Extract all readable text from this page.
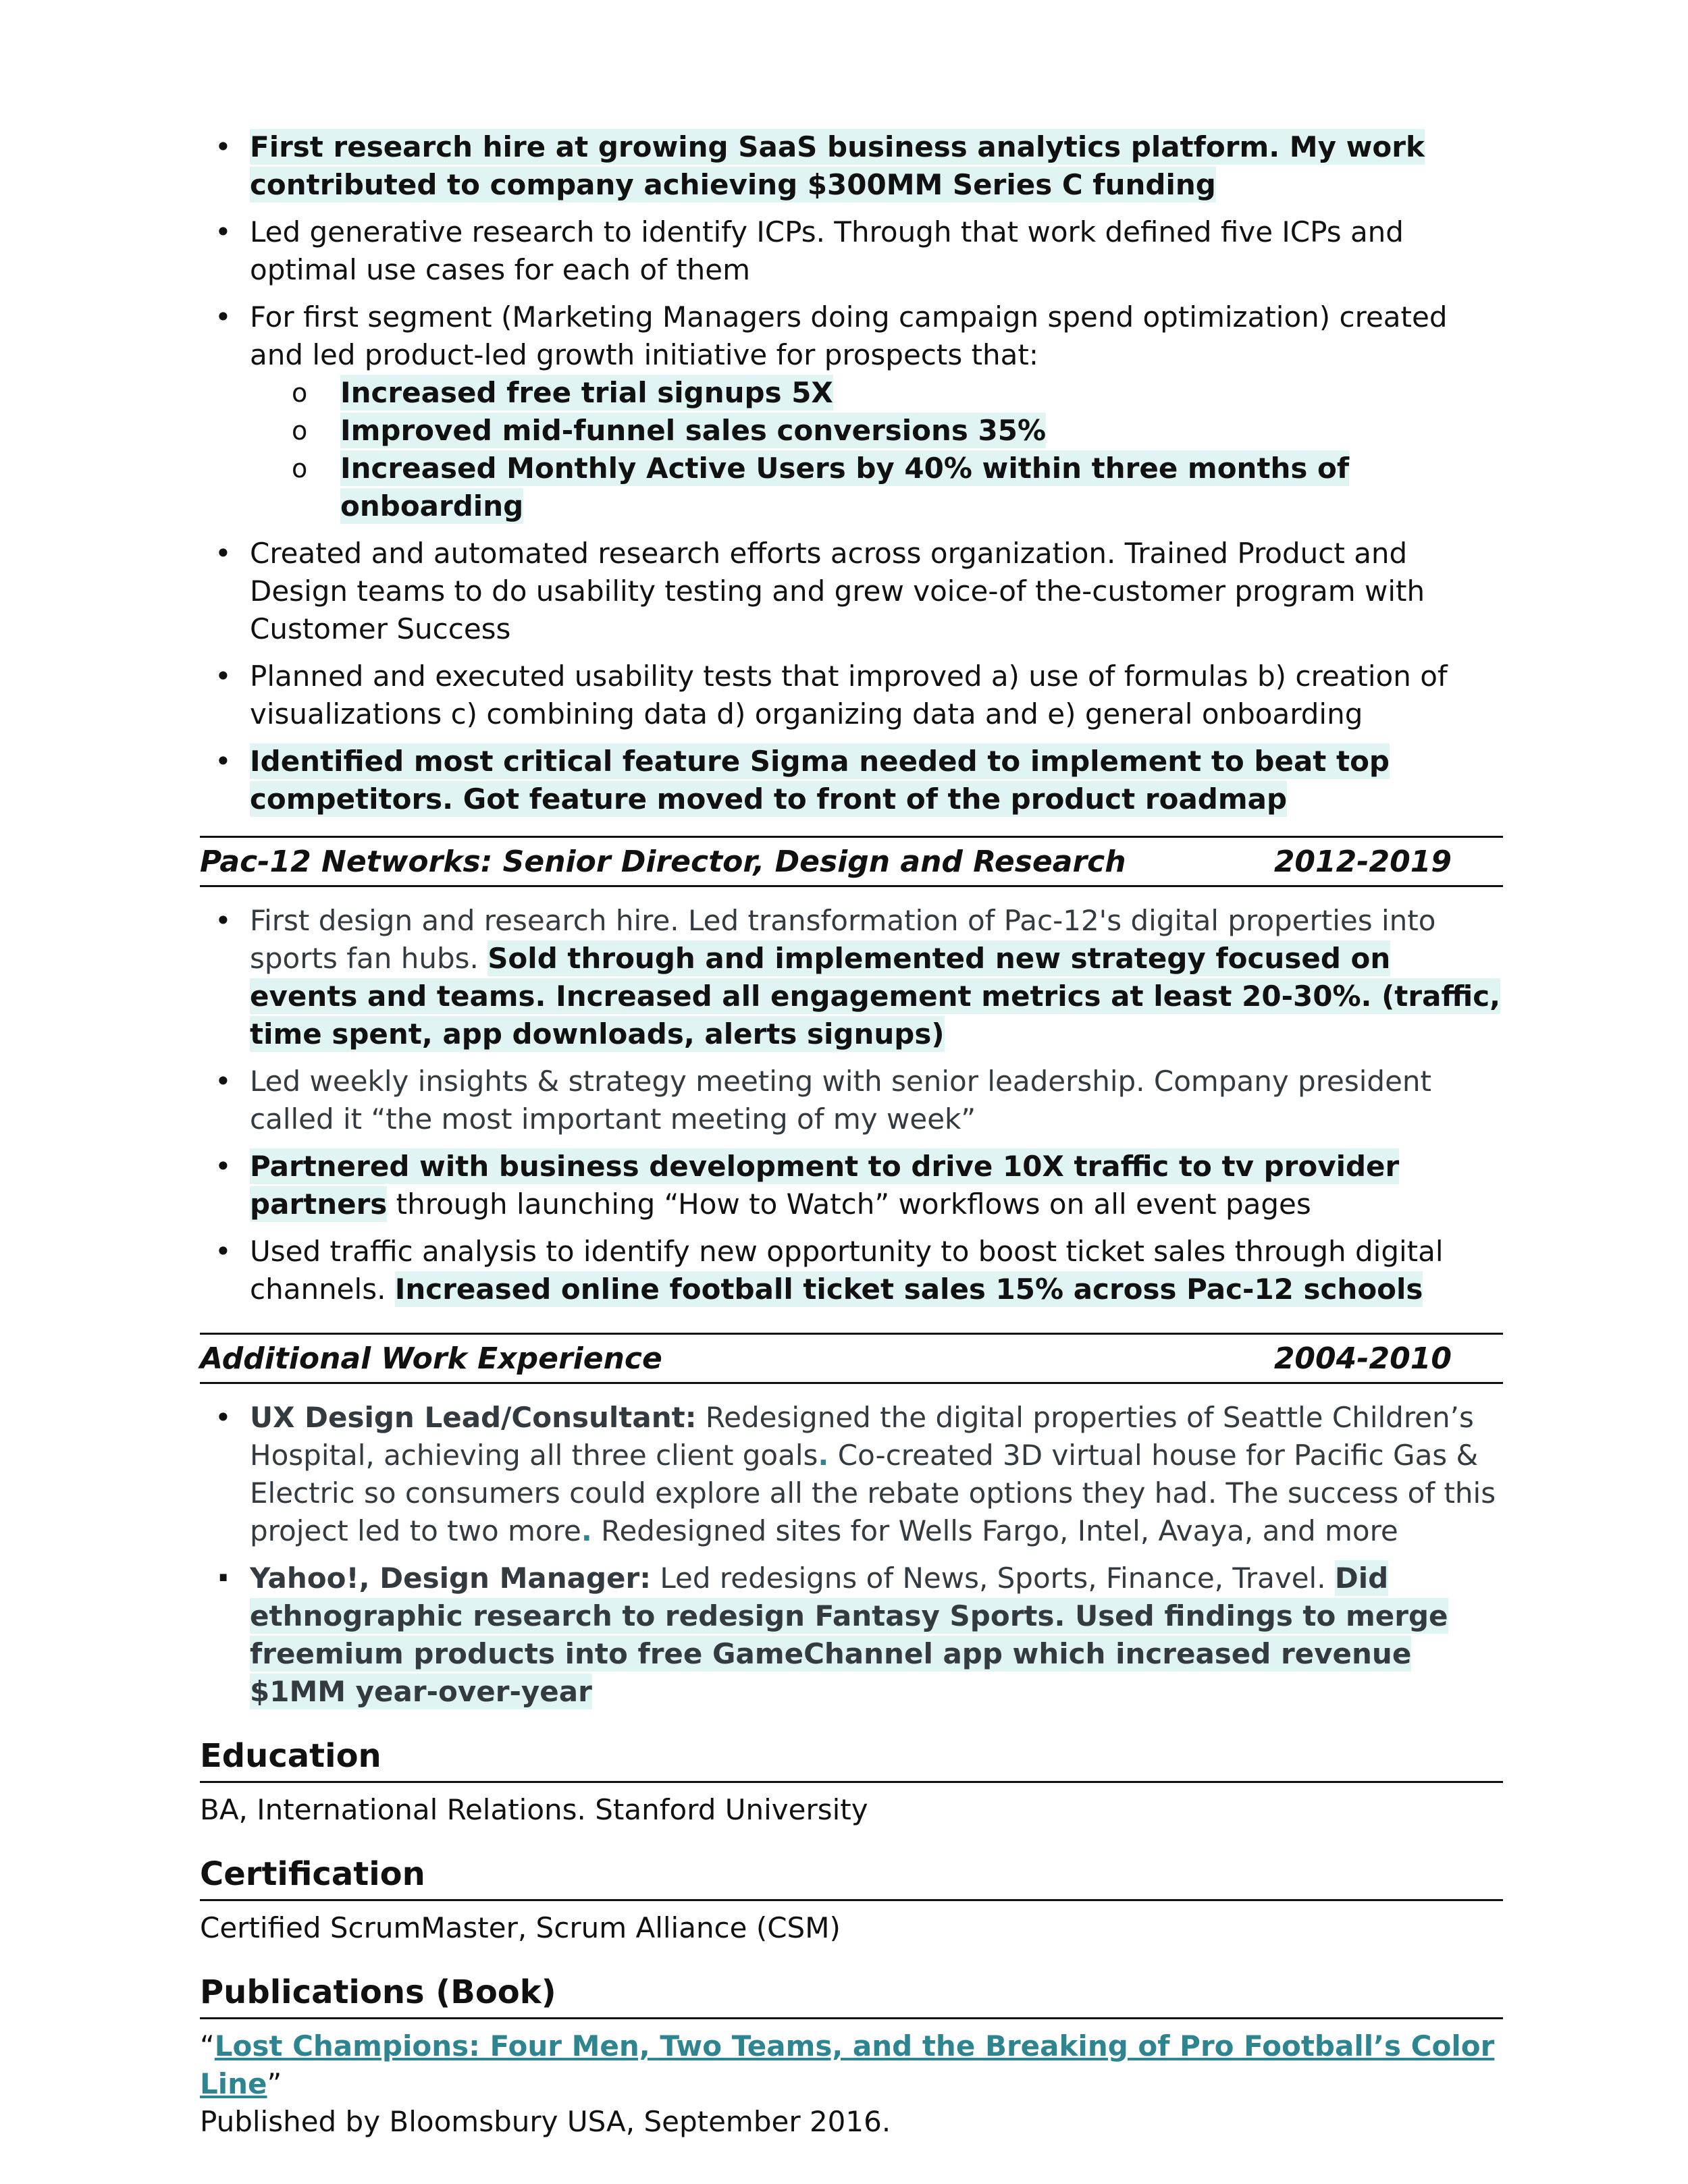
• First research hire at growing SaaS business analytics platform. My work contributed to company achieving $300MM Series C funding
• Led generative research to identify ICPs. Through that work defined five ICPs and optimal use cases for each of them
• For first segment (Marketing Managers doing campaign spend optimization) created and led product-led growth initiative for prospects that:
o Increased free trial signups 5X
o Improved mid-funnel sales conversions 35%
o Increased Monthly Active Users by 40% within three months of onboarding
• Created and automated research efforts across organization. Trained Product and Design teams to do usability testing and grew voice-of the-customer program with Customer Success
• Planned and executed usability tests that improved a) use of formulas b) creation of visualizations c) combining data d) organizing data and e) general onboarding
• Identified most critical feature Sigma needed to implement to beat top competitors. Got feature moved to front of the product roadmap
Pac-12 Networks: Senior Director, Design and Research	2012-2019
• First design and research hire. Led transformation of Pac-12's digital properties into sports fan hubs. Sold through and implemented new strategy focused on events and teams. Increased all engagement metrics at least 20-30%. (traffic, time spent, app downloads, alerts signups)
• Led weekly insights & strategy meeting with senior leadership. Company president called it “the most important meeting of my week”
• Partnered with business development to drive 10X traffic to tv provider partners through launching “How to Watch” workflows on all event pages
• Used traffic analysis to identify new opportunity to boost ticket sales through digital channels. Increased online football ticket sales 15% across Pac-12 schools
Additional Work Experience	2004-2010
• UX Design Lead/Consultant: Redesigned the digital properties of Seattle Children’s Hospital, achieving all three client goals. Co-created 3D virtual house for Pacific Gas & Electric so consumers could explore all the rebate options they had. The success of this project led to two more. Redesigned sites for Wells Fargo, Intel, Avaya, and more
· Yahoo!, Design Manager: Led redesigns of News, Sports, Finance, Travel. Did ethnographic research to redesign Fantasy Sports. Used findings to merge freemium products into free GameChannel app which increased revenue $1MM year-over-year
Education

BA, International Relations. Stanford University

Certification

Certified ScrumMaster, Scrum Alliance (CSM)

Publications (Book)

“Lost Champions: Four Men, Two Teams, and the Breaking of Pro Football’s Color Line”

Published by Bloomsbury USA, September 2016.
